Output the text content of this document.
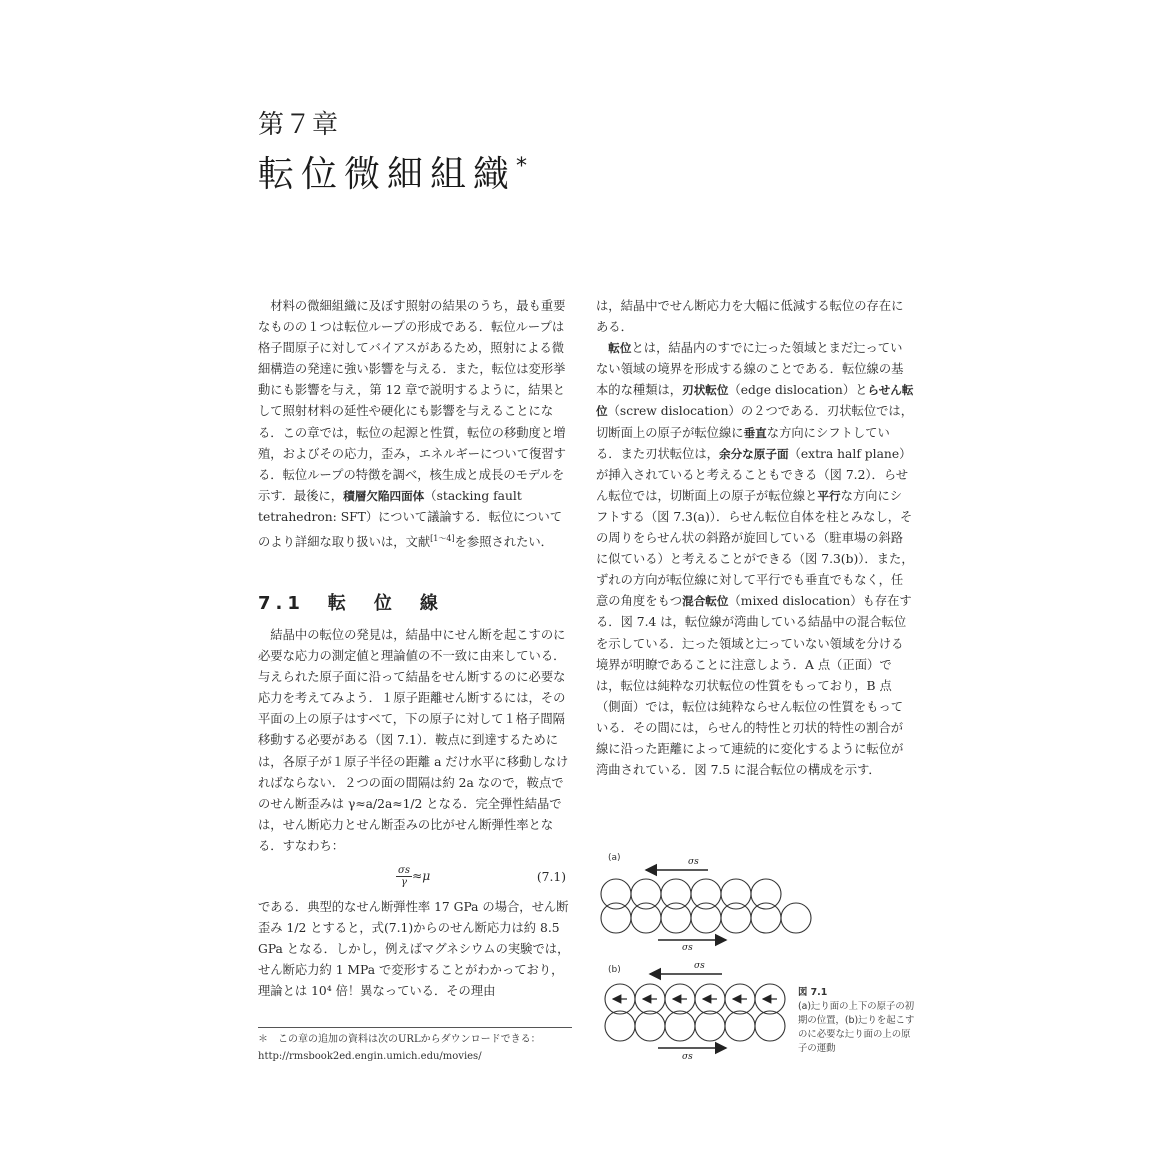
第７章
転位微細組織*

材料の微細組織に及ぼす照射の結果のうち，最も重要なものの１つは転位ループの形成である．転位ループは格子間原子に対してバイアスがあるため，照射による微細構造の発達に強い影響を与える．また，転位は変形挙動にも影響を与え，第 12 章で説明するように，結果として照射材料の延性や硬化にも影響を与えることになる．この章では，転位の起源と性質，転位の移動度と増殖，およびその応力，歪み，エネルギーについて復習する．転位ループの特徴を調べ，核生成と成長のモデルを示す．最後に，積層欠陥四面体（stacking fault tetrahedron: SFT）について議論する．転位についてのより詳細な取り扱いは，文献[1〜4]を参照されたい．

7.1　転　位　線

結晶中の転位の発見は，結晶中にせん断を起こすのに必要な応力の測定値と理論値の不一致に由来している．与えられた原子面に沿って結晶をせん断するのに必要な応力を考えてみよう．１原子距離せん断するには，その平面の上の原子はすべて，下の原子に対して１格子間隔移動する必要がある（図 7.1）．鞍点に到達するためには，各原子が１原子半径の距離 a だけ水平に移動しなければならない．２つの面の間隔は約 2a なので，鞍点でのせん断歪みは γ≈a/2a≈1/2 となる．完全弾性結晶では，せん断応力とせん断歪みの比がせん断弾性率となる．すなわち：

$\frac{\sigma s}{\gamma} \approx\mu$	(7.1)

である．典型的なせん断弾性率 17 GPa の場合，せん断歪み 1/2 とすると，式(7.1)からのせん断応力は約 8.5 GPa となる．しかし，例えばマグネシウムの実験では，せん断応力約 1 MPa で変形することがわかっており，理論とは 10⁴ 倍！異なっている．その理由

＊　 この章の追加の資料は次のURLからダウンロードできる：
http://rmsbook2ed.engin.umich.edu/movies/

は，結晶中でせん断応力を大幅に低減する転位の存在にある．

転位とは，結晶内のすでに辷った領域とまだ辷っていない領域の境界を形成する線のことである．転位線の基本的な種類は，刃状転位（edge dislocation）とらせん転位（screw dislocation）の２つである．刃状転位では，切断面上の原子が転位線に垂直な方向にシフトしている．また刃状転位は，余分な原子面（extra half plane）が挿入されていると考えることもできる（図 7.2）．らせん転位では，切断面上の原子が転位線と平行な方向にシフトする（図 7.3(a)）．らせん転位自体を柱とみなし，その周りをらせん状の斜路が旋回している（駐車場の斜路に似ている）と考えることができる（図 7.3(b)）．また，ずれの方向が転位線に対して平行でも垂直でもなく，任意の角度をもつ混合転位（mixed dislocation）も存在する．図 7.4 は，転位線が湾曲している結晶中の混合転位を示している．辷った領域と辷っていない領域を分ける境界が明瞭であることに注意しよう．A 点（正面）では，転位は純粋な刃状転位の性質をもっており，B 点（側面）では，転位は純粋ならせん転位の性質をもっている．その間には，らせん的特性と刃状的特性の割合が線に沿った距離によって連続的に変化するように転位が湾曲されている．図 7.5 に混合転位の構成を示す．

(a)	σs
σs
(b)	σs
σs
図 7.1
(a)辷り面の上下の原子の初期の位置，(b)辷りを起こすのに必要な辷り面の上の原子の運動
